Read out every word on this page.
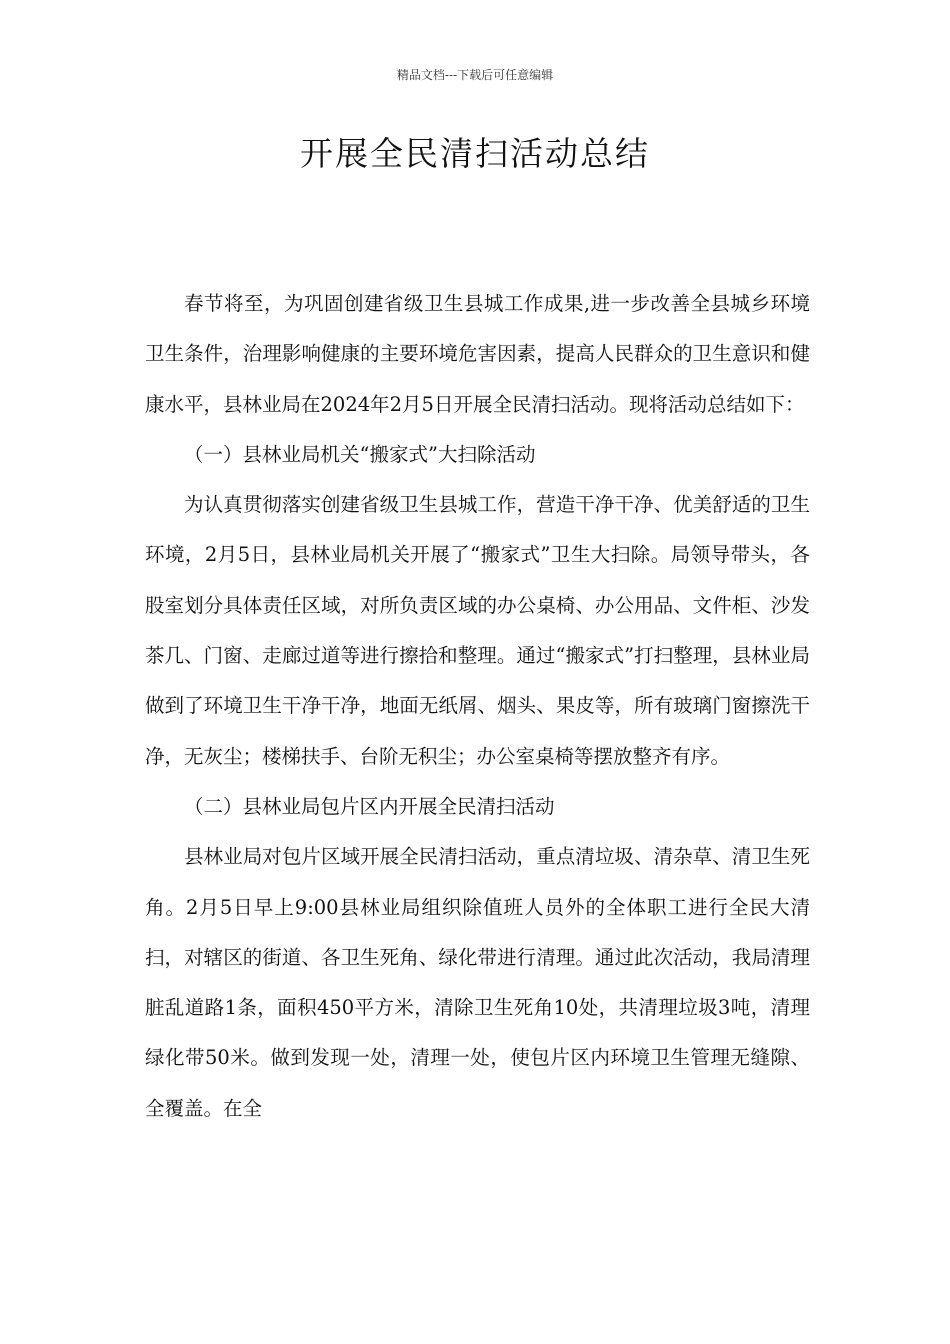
精品文档---下载后可任意编辑
开展全民清扫活动总结

春节将至，为巩固创建省级卫生县城工作成果,进一步改善全县城乡环境卫生条件，治理影响健康的主要环境危害因素，提高人民群众的卫生意识和健康水平，县林业局在2024年2月5日开展全民清扫活动。现将活动总结如下：

（一）县林业局机关“搬家式”大扫除活动

为认真贯彻落实创建省级卫生县城工作，营造干净干净、优美舒适的卫生环境，2月5日，县林业局机关开展了“搬家式”卫生大扫除。局领导带头，各股室划分具体责任区域，对所负责区域的办公桌椅、办公用品、文件柜、沙发茶几、门窗、走廊过道等进行擦拾和整理。通过“搬家式”打扫整理，县林业局做到了环境卫生干净干净，地面无纸屑、烟头、果皮等，所有玻璃门窗擦洗干净，无灰尘；楼梯扶手、台阶无积尘；办公室桌椅等摆放整齐有序。

（二）县林业局包片区内开展全民清扫活动

县林业局对包片区域开展全民清扫活动，重点清垃圾、清杂草、清卫生死角。2月5日早上9:00县林业局组织除值班人员外的全体职工进行全民大清扫，对辖区的街道、各卫生死角、绿化带进行清理。通过此次活动，我局清理脏乱道路1条，面积450平方米，清除卫生死角10处，共清理垃圾3吨，清理绿化带50米。做到发现一处，清理一处，使包片区内环境卫生管理无缝隙、全覆盖。在全
